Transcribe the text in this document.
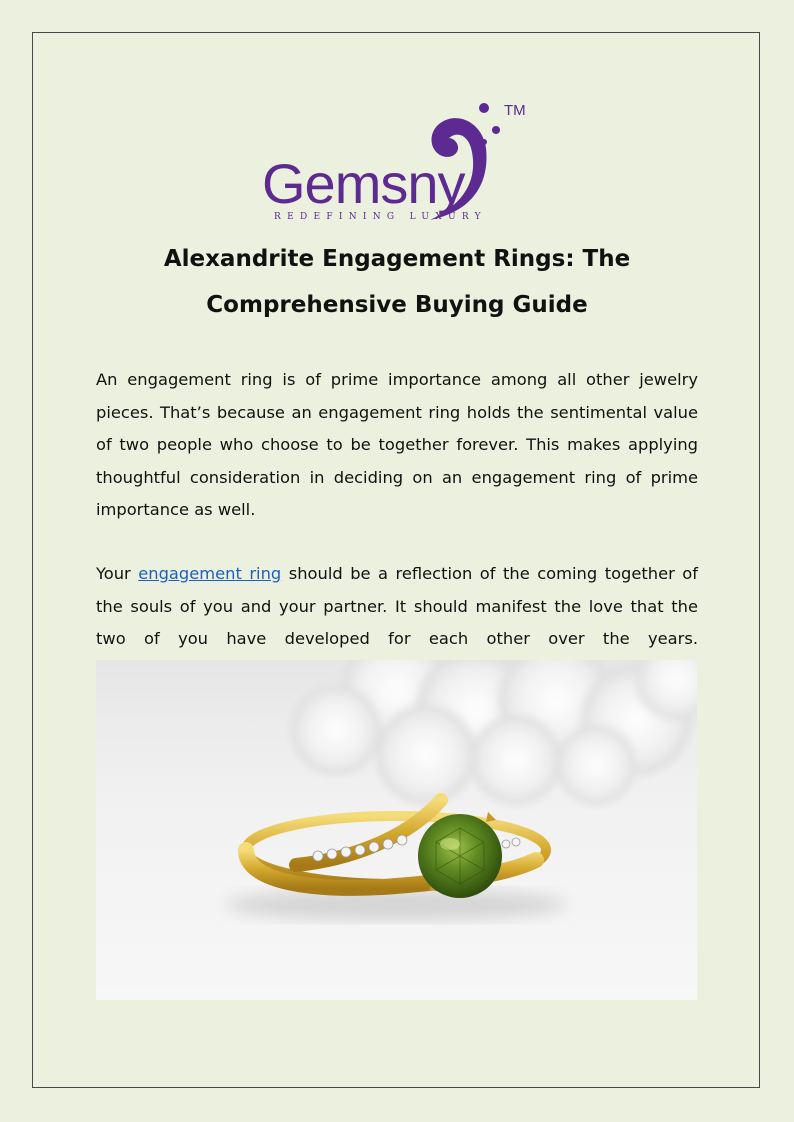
Gemsny
REDEFINING LUXURY
TM
Alexandrite Engagement Rings: The
Comprehensive Buying Guide

An engagement ring is of prime importance among all other jewelry pieces. That’s because an engagement ring holds the sentimental value of two people who choose to be together forever. This makes applying thoughtful consideration in deciding on an engagement ring of prime importance as well.

Your engagement ring should be a reflection of the coming together of the souls of you and your partner. It should manifest the love that the two of you have developed for each other over the years.
